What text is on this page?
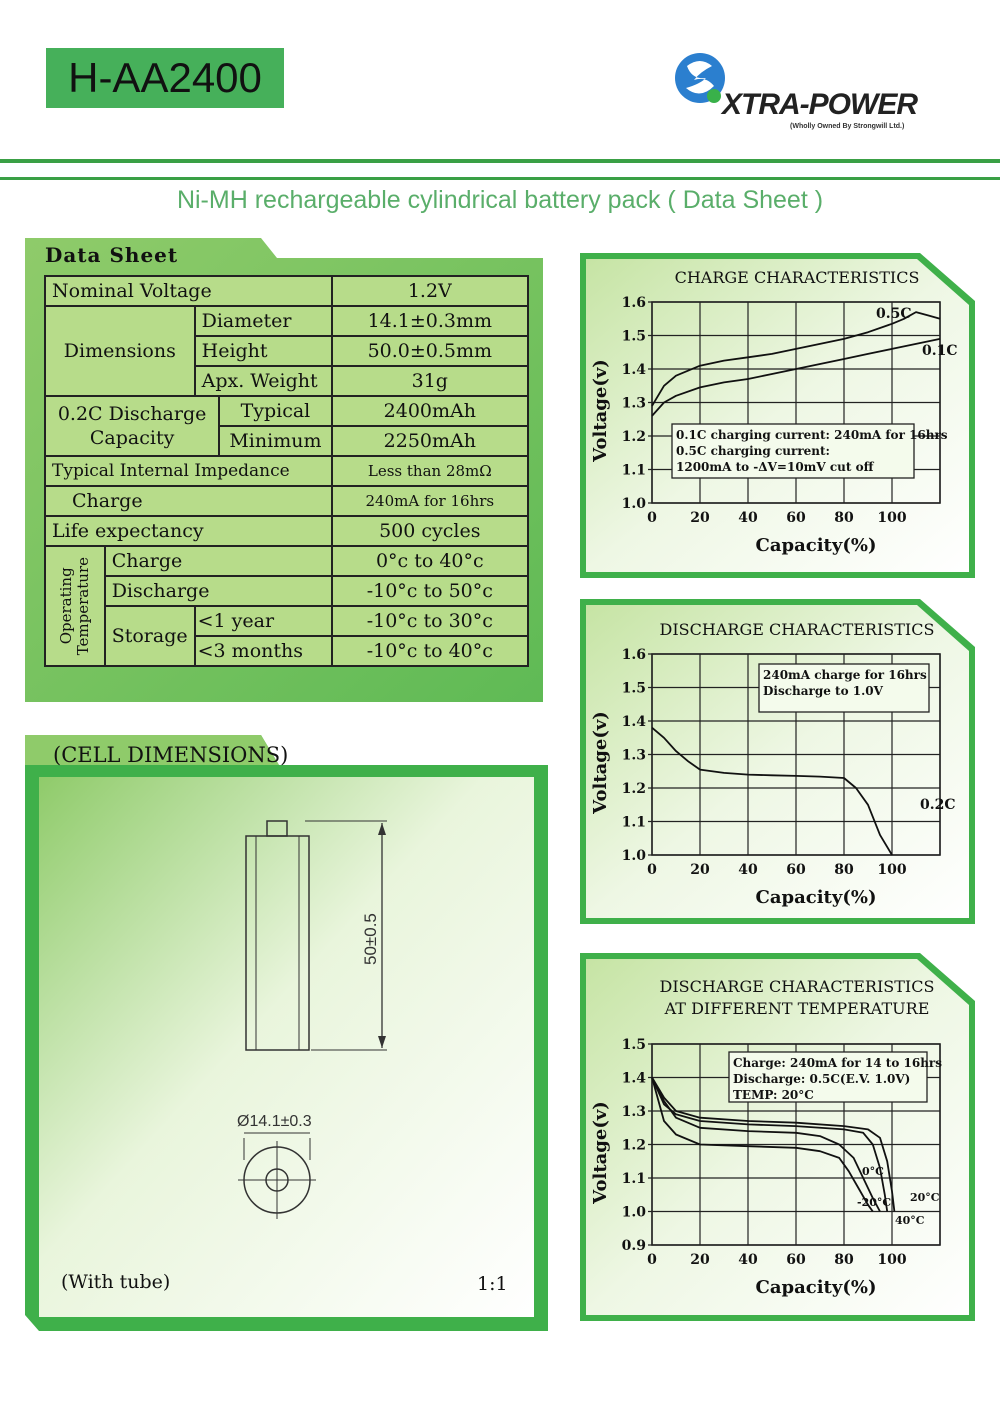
H-AA2400
XTRA-POWER
(Wholly Owned By Strongwill Ltd.)
Ni-MH rechargeable cylindrical battery pack ( Data Sheet )
Data Sheet
Nominal Voltage				1.2V
Dimensions		Diameter		14.1±0.3mm
		Height		50.0±0.5mm
		Apx. Weight		31g
0.2C Discharge
Capacity			Typical	2400mAh
			Minimum	2250mAh
Typical Internal Impedance				Less than 28mΩ
Charge				240mA for 16hrs
Life expectancy				500 cycles

Operating
Temperature	Charge			0°c to 40°c
	Discharge			-10°c to 50°c
	Storage	<1 year		-10°c to 30°c
		<3 months		-10°c to 40°c
(CELL DIMENSIONS)
50±0.5
Ø14.1±0.3
(With tube)	1:1
0 20 40 60 80 100
1.0
1.1
1.2
1.3
1.4
1.5
1.6
Capacity(%)
Voltage(v)
CHARGE CHARACTERISTICS
0.5C
0.1C
0.1C charging current: 240mA for 16hrs
0.5C charging current:
1200mA to -ΔV=10mV cut off
0 20 40 60 80 100
1.0
1.1
1.2
1.3
1.4
1.5
1.6
Capacity(%)
Voltage(v)
DISCHARGE CHARACTERISTICS
0.2C
240mA charge for 16hrs
Discharge to 1.0V
0 20 40 60 80 100
0.9
1.0
1.1
1.2
1.3
1.4
1.5
Capacity(%)
Voltage(v)
DISCHARGE CHARACTERISTICS
AT DIFFERENT TEMPERATURE
0°C
-20°C 20°C
40°C
Charge: 240mA for 14 to 16hrs
Discharge: 0.5C(E.V. 1.0V)
TEMP: 20°C
